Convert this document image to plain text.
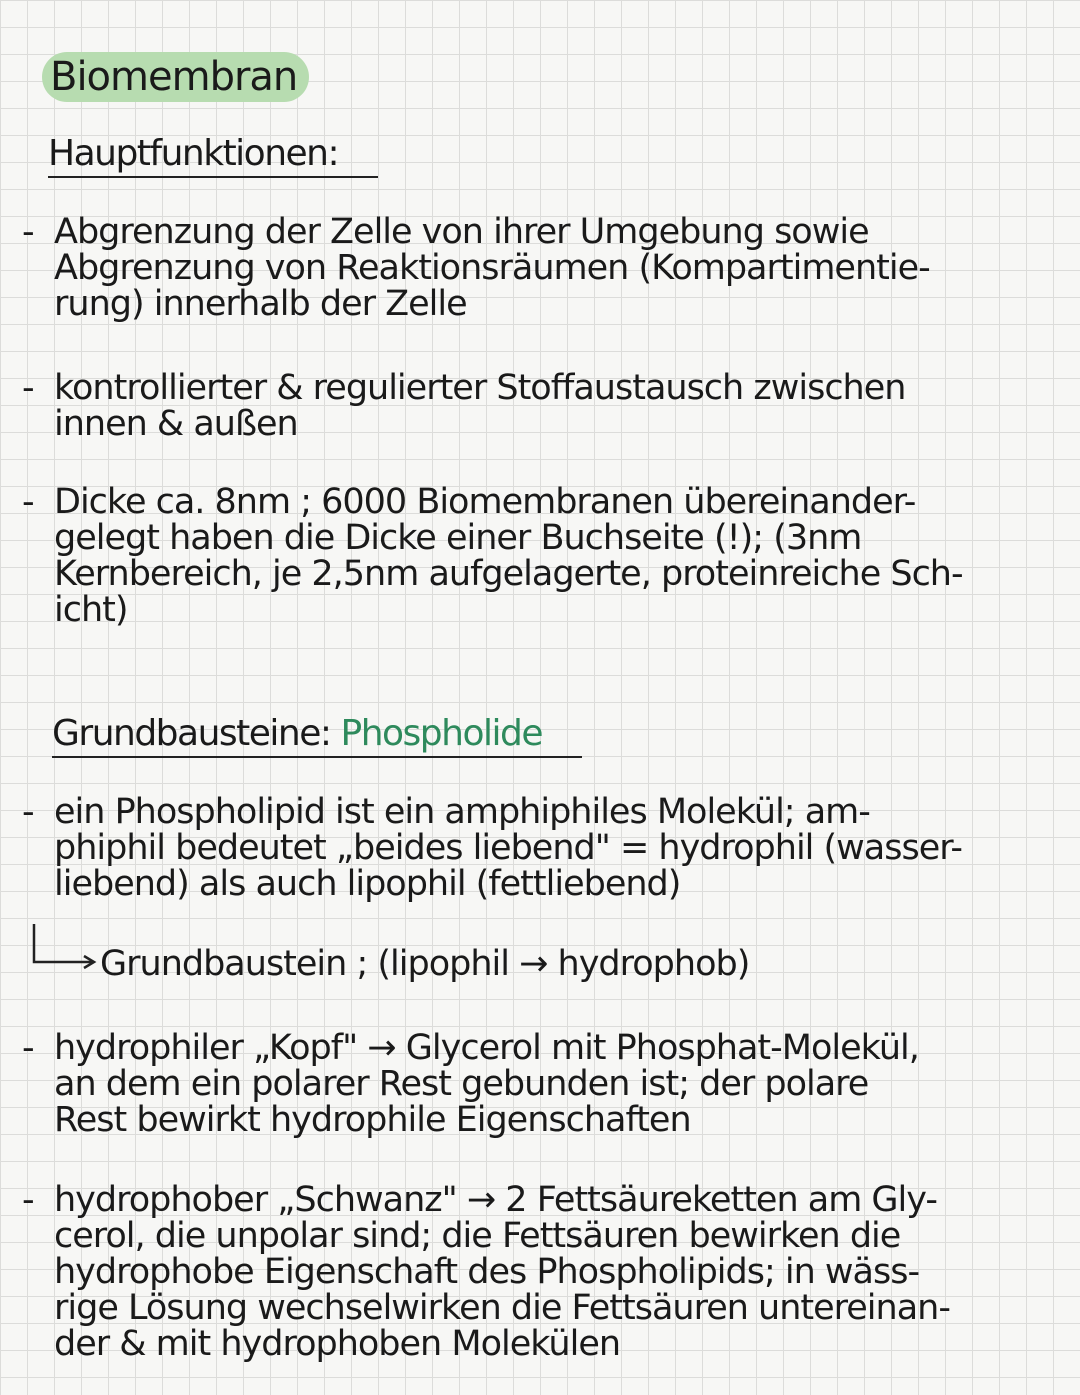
Biomembran
Hauptfunktionen:
- Abgrenzung der Zelle von ihrer Umgebung sowie
Abgrenzung von Reaktionsräumen (Kompartimentie-
rung) innerhalb der Zelle
- kontrollierter & regulierter Stoffaustausch zwischen
innen & außen
- Dicke ca. 8nm ; 6000 Biomembranen übereinander-
gelegt haben die Dicke einer Buchseite (!); (3nm
Kernbereich, je 2,5nm aufgelagerte, proteinreiche Sch-
icht)
Grundbausteine: Phospholide
- ein Phospholipid ist ein amphiphiles Molekül; am-
phiphil bedeutet „beides liebend" = hydrophil (wasser-
liebend) als auch lipophil (fettliebend)
Grundbaustein ; (lipophil → hydrophob)
- hydrophiler „Kopf" → Glycerol mit Phosphat-Molekül,
an dem ein polarer Rest gebunden ist; der polare
Rest bewirkt hydrophile Eigenschaften
- hydrophober „Schwanz" → 2 Fettsäureketten am Gly-
cerol, die unpolar sind; die Fettsäuren bewirken die
hydrophobe Eigenschaft des Phospholipids; in wäss-
rige Lösung wechselwirken die Fettsäuren untereinan-
der & mit hydrophoben Molekülen
